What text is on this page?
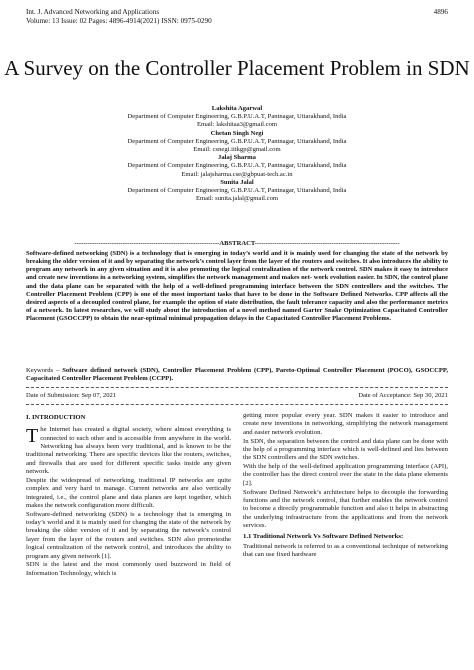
Int. J. Advanced Networking and Applications
Volume: 13 Issue: 02 Pages: 4896-4914(2021) ISSN: 0975-0290
4896
A Survey on the Controller Placement Problem in SDN
Lakshita Agarwal
Department of Computer Engineering, G.B.P.U.A.T, Pantnagar, Uttarakhand, India
Email: lakshitaa3@gmail.com
Chetan Singh Negi
Department of Computer Engineering, G.B.P.U.A.T, Pantnagar, Uttarakhand, India
Email: csnegi.iitkgp@gmail.com
Jalaj Sharma
Department of Computer Engineering, G.B.P.U.A.T, Pantnagar, Uttarakhand, India
Email: jalajsharma.cse@gbpuat-tech.ac.in
Sunita Jalal
Department of Computer Engineering, G.B.P.U.A.T, Pantnagar, Uttarakhand, India
Email: sunita.jalal@gmail.com
------------------------------------------------------------------ABSTRACT------------------------------------------------------------------

Software-defined networking (SDN) is a technology that is emerging in today’s world and it is mainly used for changing the state of the network by breaking the older version of it and by separating the network’s control layer from the layer of the routers and switches. It also introduces the ability to program any network in any given situation and it is also promoting the logical centralization of the network control. SDN makes it easy to introduce and create new inventions in a networking system, simplifies the network management and makes net- work evolution easier. In SDN, the control plane and the data plane can be separated with the help of a well-defined programming interface between the SDN controllers and the switches. The Controller Placement Problem (CPP) is one of the most important tasks that have to be done in the Software Defined Networks. CPP affects all the desired aspects of a decoupled control plane, for example the option of state distribution, the fault tolerance capacity and also the performance metrics of a network. In latest researches, we will study about the introduction of a novel method named Garter Snake Optimization Capacitated Controller Placement (GSOCCPP) to obtain the near-optimal minimal propagation delays in the Capacitated Controller Placement Problems.

Keywords – Software defined network (SDN), Controller Placement Problem (CPP), Pareto-Optimal Controller Placement (POCO), GSOCCPP, Capacitated Controller Placement Problem (CCPP).

Date of Submission: Sep 07, 2021	Date of Acceptance: Sep 30, 2021
I. INTRODUCTION

The Internet has created a digital society, where almost everything is connected to each other and is accessible from anywhere in the world. Networking has always been very traditional, and is known to be the traditional networking. There are specific devices like the routers, switches, and firewalls that are used for different specific tasks inside any given network.

Despite the widespread of networking, traditional IP networks are quite complex and very hard to manage. Current networks are also vertically integrated, i.e., the control plane and data planes are kept together, which makes the network configuration more difficult.

Software-defined networking (SDN) is a technology that is emerging in today’s world and it is mainly used for changing the state of the network by breaking the older version of it and by separating the network’s control layer from the layer of the routers and switches. SDN also promotesthe logical centralization of the network control, and introduces the ability to program any given network [1].

SDN is the latest and the most commonly used buzzword in field of Information Technology, which is

getting more popular every year. SDN makes it easier to introduce and create new inventions in networking, simplifying the network management and easier network evolution.

In SDN, the separation between the control and data plane can be done with the help of a programming interface which is well-defined and lies between the SDN controllers and the SDN switches.

With the help of the well-defined application programming interface (API), the controller has the direct control over the state in the data plane elements [2].

Software Defined Network’s architecture helps to decouple the forwarding functions and the network control, that further enables the network control to become a directly programmable function and also it helps in abstracting the underlying infrastructure from the applications and from the network services.

1.1 Traditional Network Vs Software Defined Networks:

Traditional network is referred to as a conventional technique of networking that can use fixed hardware
